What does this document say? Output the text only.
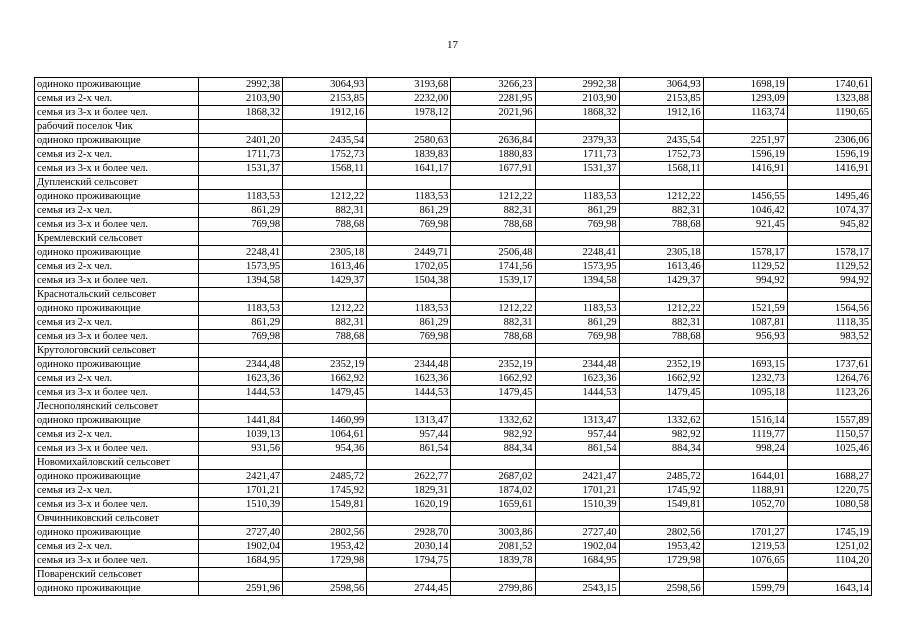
17
одиноко проживающие	2992,38	3064,93	3193,68	3266,23	2992,38	3064,93	1698,19	1740,61
семья из 2-х чел.	2103,90	2153,85	2232,00	2281,95	2103,90	2153,85	1293,09	1323,88
семья из 3-х и более чел.	1868,32	1912,16	1978,12	2021,96	1868,32	1912,16	1163,74	1190,65
рабочий поселок Чик								
одиноко проживающие	2401,20	2435,54	2580,63	2636,84	2379,33	2435,54	2251,97	2306,06
семья из 2-х чел.	1711,73	1752,73	1839,83	1880,83	1711,73	1752,73	1596,19	1596,19
семья из 3-х и более чел.	1531,37	1568,11	1641,17	1677,91	1531,37	1568,11	1416,91	1416,91
Дупленский сельсовет								
одиноко проживающие	1183,53	1212,22	1183,53	1212,22	1183,53	1212,22	1456,55	1495,46
семья из 2-х чел.	861,29	882,31	861,29	882,31	861,29	882,31	1046,42	1074,37
семья из 3-х и более чел.	769,98	788,68	769,98	788,68	769,98	788,68	921,45	945,82
Кремлевский сельсовет								
одиноко проживающие	2248,41	2305,18	2449,71	2506,48	2248,41	2305,18	1578,17	1578,17
семья из 2-х чел.	1573,95	1613,46	1702,05	1741,56	1573,95	1613,46	1129,52	1129,52
семья из 3-х и более чел.	1394,58	1429,37	1504,38	1539,17	1394,58	1429,37	994,92	994,92
Краснотальский сельсовет								
одиноко проживающие	1183,53	1212,22	1183,53	1212,22	1183,53	1212,22	1521,59	1564,56
семья из 2-х чел.	861,29	882,31	861,29	882,31	861,29	882,31	1087,81	1118,35
семья из 3-х и более чел.	769,98	788,68	769,98	788,68	769,98	788,68	956,93	983,52
Крутологовский сельсовет								
одиноко проживающие	2344,48	2352,19	2344,48	2352,19	2344,48	2352,19	1693,15	1737,61
семья из 2-х чел.	1623,36	1662,92	1623,36	1662,92	1623,36	1662,92	1232,73	1264,76
семья из 3-х и более чел.	1444,53	1479,45	1444,53	1479,45	1444,53	1479,45	1095,18	1123,26
Леснополянский сельсовет								
одиноко проживающие	1441,84	1460,99	1313,47	1332,62	1313,47	1332,62	1516,14	1557,89
семья из 2-х чел.	1039,13	1064,61	957,44	982,92	957,44	982,92	1119,77	1150,57
семья из 3-х и более чел.	931,56	954,36	861,54	884,34	861,54	884,34	998,24	1025,46
Новомихайловский сельсовет								
одиноко проживающие	2421,47	2485,72	2622,77	2687,02	2421,47	2485,72	1644,01	1688,27
семья из 2-х чел.	1701,21	1745,92	1829,31	1874,02	1701,21	1745,92	1188,91	1220,75
семья из 3-х и более чел.	1510,39	1549,81	1620,19	1659,61	1510,39	1549,81	1052,70	1080,58
Овчинниковский сельсовет								
одиноко проживающие	2727,40	2802,56	2928,70	3003,86	2727,40	2802,56	1701,27	1745,19
семья из 2-х чел.	1902,04	1953,42	2030,14	2081,52	1902,04	1953,42	1219,53	1251,02
семья из 3-х и более чел.	1684,95	1729,98	1794,75	1839,78	1684,95	1729,98	1076,65	1104,20
Поваренский сельсовет								
одиноко проживающие	2591,96	2598,56	2744,45	2799,86	2543,15	2598,56	1599,79	1643,14
